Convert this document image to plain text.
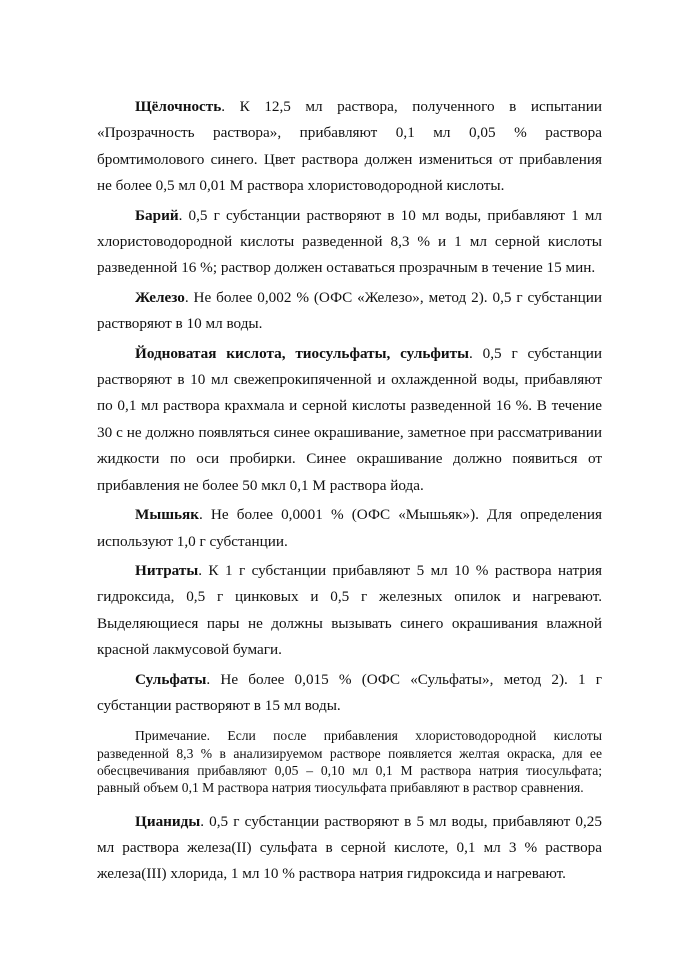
Щёлочность. К 12,5 мл раствора, полученного в испытании «Прозрачность раствора», прибавляют 0,1 мл 0,05 % раствора бромтимолового синего. Цвет раствора должен измениться от прибавления не более 0,5 мл 0,01 М раствора хлористоводородной кислоты.

Барий. 0,5 г субстанции растворяют в 10 мл воды, прибавляют 1 мл хлористоводородной кислоты разведенной 8,3 % и 1 мл серной кислоты разведенной 16 %; раствор должен оставаться прозрачным в течение 15 мин.

Железо. Не более 0,002 % (ОФС «Железо», метод 2). 0,5 г субстанции растворяют в 10 мл воды.

Йодноватая кислота, тиосульфаты, сульфиты. 0,5 г субстанции растворяют в 10 мл свежепрокипяченной и охлажденной воды, прибавляют по 0,1 мл раствора крахмала и серной кислоты разведенной 16 %. В течение 30 с не должно появляться синее окрашивание, заметное при рассматривании жидкости по оси пробирки. Синее окрашивание должно появиться от прибавления не более 50 мкл 0,1 М раствора йода.

Мышьяк. Не более 0,0001 % (ОФС «Мышьяк»). Для определения используют 1,0 г субстанции.

Нитраты. К 1 г субстанции прибавляют 5 мл 10 % раствора натрия гидроксида, 0,5 г цинковых и 0,5 г железных опилок и нагревают. Выделяющиеся пары не должны вызывать синего окрашивания влажной красной лакмусовой бумаги.

Сульфаты. Не более 0,015 % (ОФС «Сульфаты», метод 2). 1 г субстанции растворяют в 15 мл воды.

Примечание. Если после прибавления хлористоводородной кислоты разведенной 8,3 % в анализируемом растворе появляется желтая окраска, для ее обесцвечивания прибавляют 0,05 – 0,10 мл 0,1 М раствора натрия тиосульфата; равный объем 0,1 М раствора натрия тиосульфата прибавляют в раствор сравнения.

Цианиды. 0,5 г субстанции растворяют в 5 мл воды, прибавляют 0,25 мл раствора железа(II) сульфата в серной кислоте, 0,1 мл 3 % раствора железа(III) хлорида, 1 мл 10 % раствора натрия гидроксида и нагревают.
